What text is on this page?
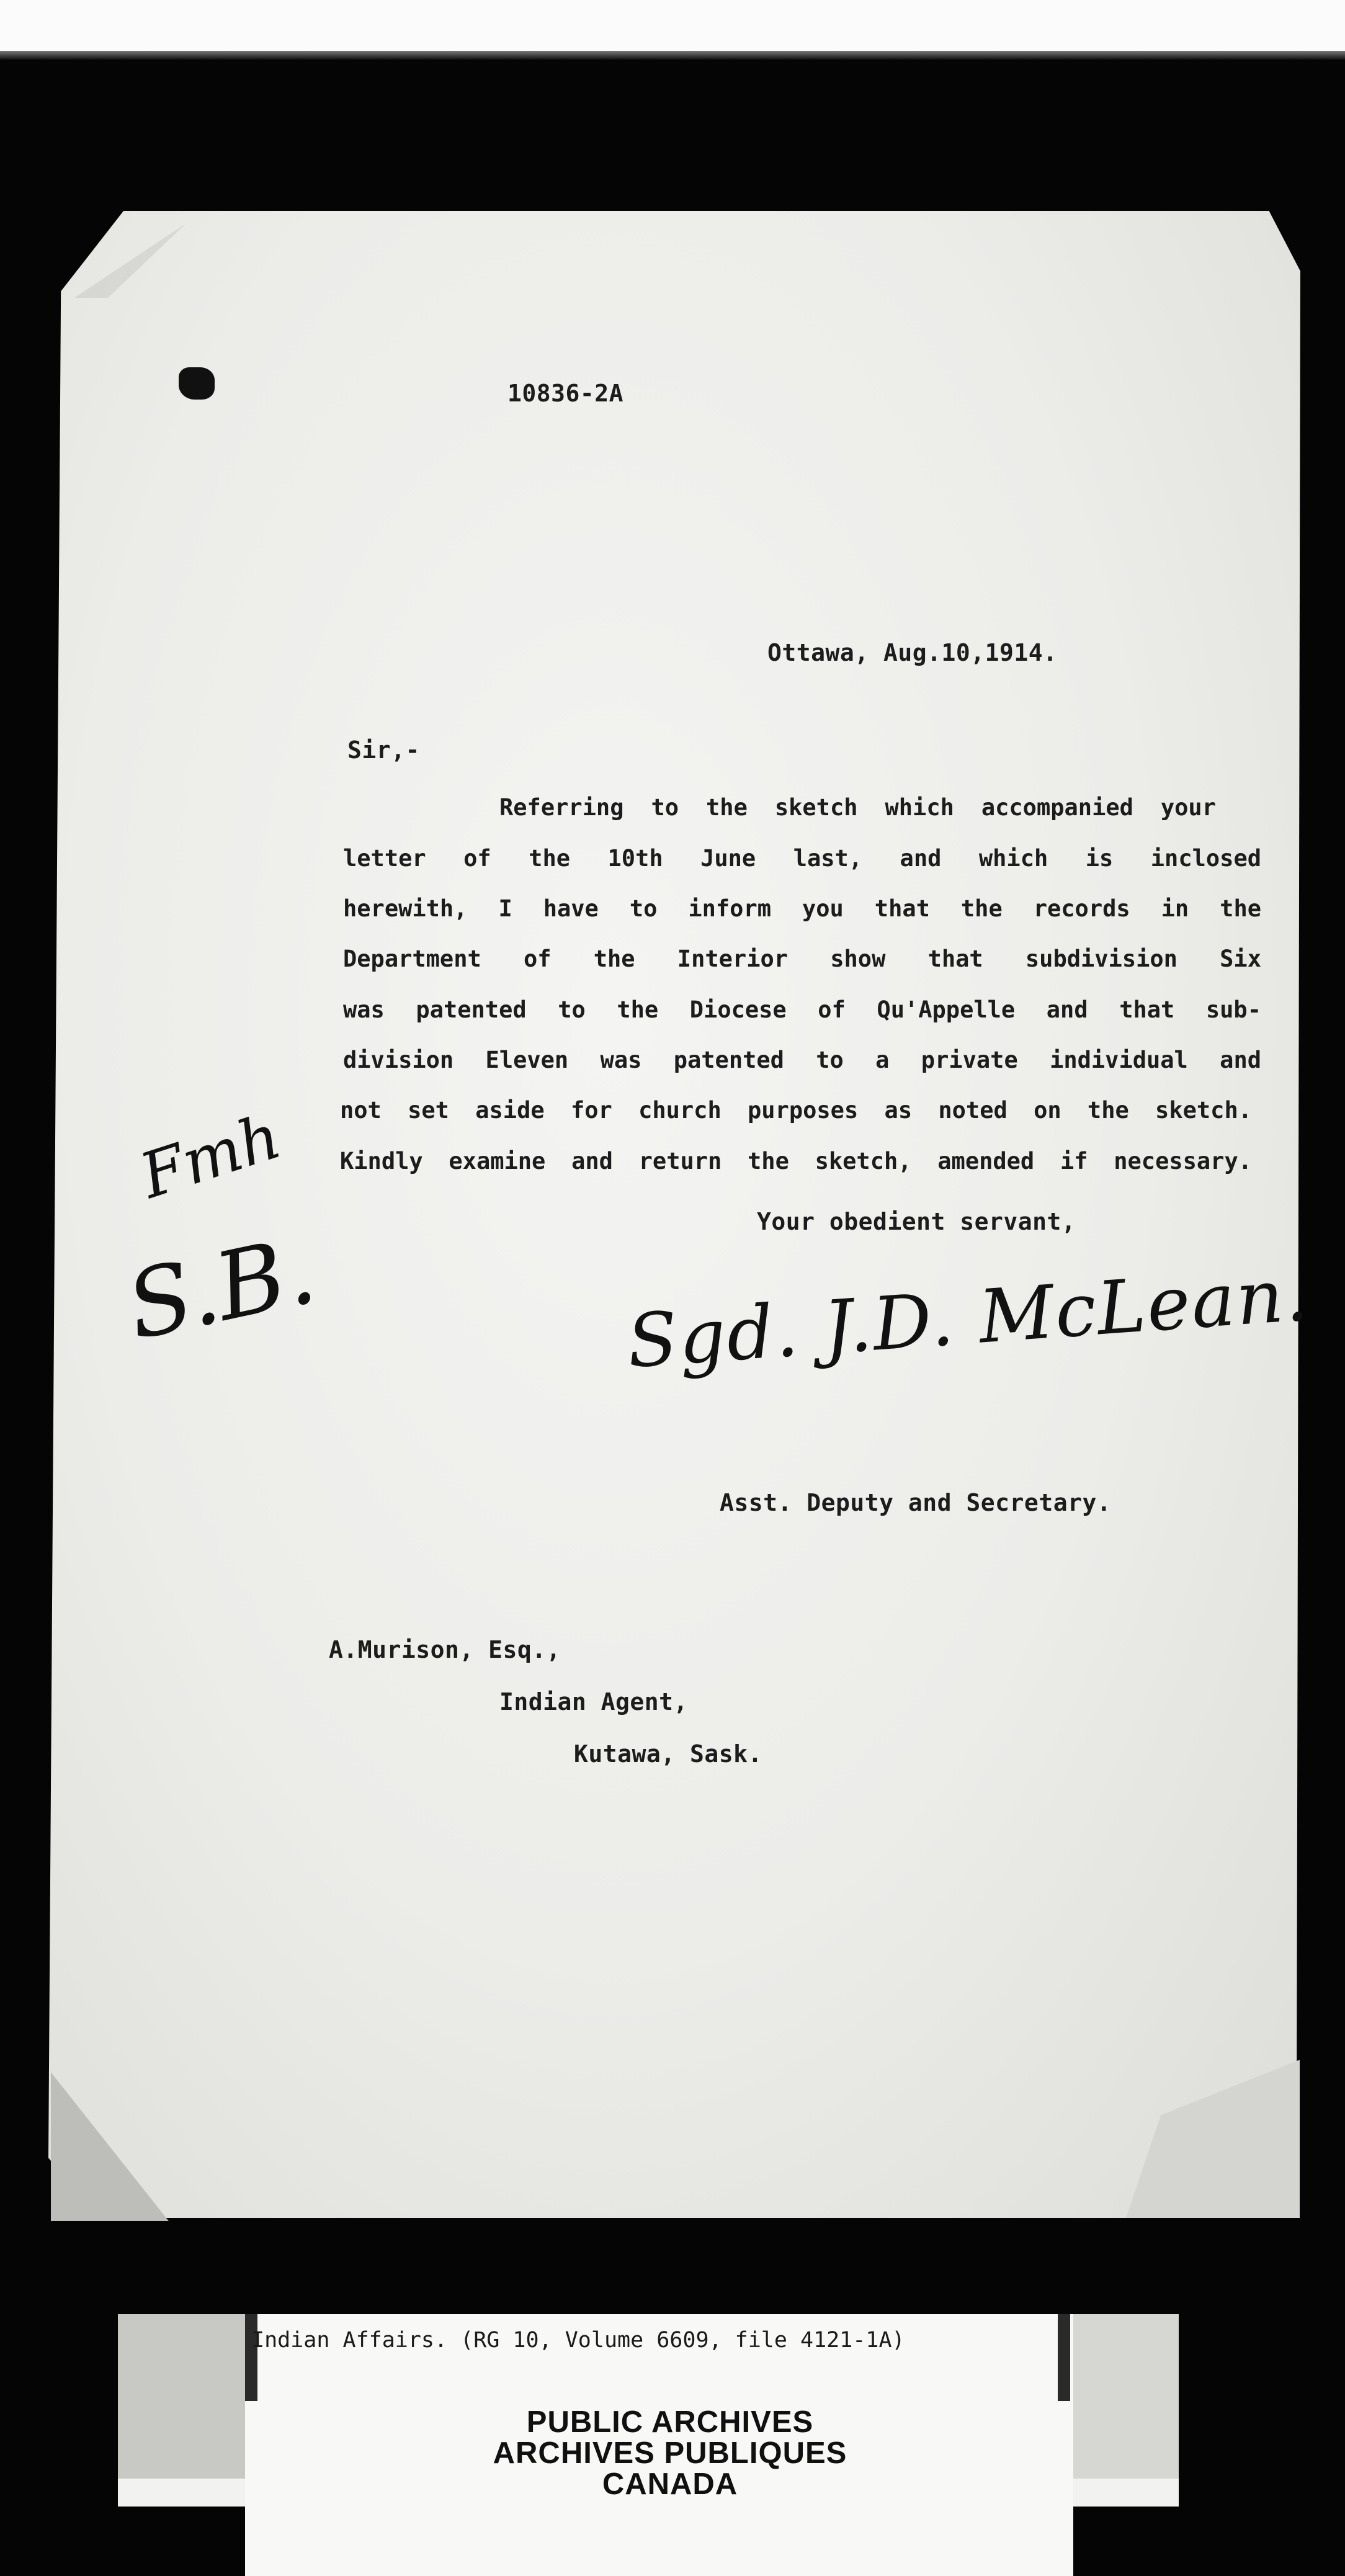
10836-2A
Ottawa, Aug.10,1914.
Sir,-
Referring to the sketch which accompanied your
letter of the 10th June last, and which is inclosed
herewith, I have to inform you that the records in the
Department of the Interior show that subdivision Six
was patented to the Diocese of Qu'Appelle and that sub-
division Eleven was patented to a private individual and
not set aside for church purposes as noted on the sketch.
Kindly examine and return the sketch, amended if necessary.
Your obedient servant,
Sgd. J.D. McLean.
Fmh
S.B.
Asst. Deputy and Secretary.
A.Murison, Esq.,
Indian Agent,
Kutawa, Sask.
Indian Affairs. (RG 10, Volume 6609, file 4121-1A)
PUBLIC ARCHIVES
ARCHIVES PUBLIQUES
CANADA
